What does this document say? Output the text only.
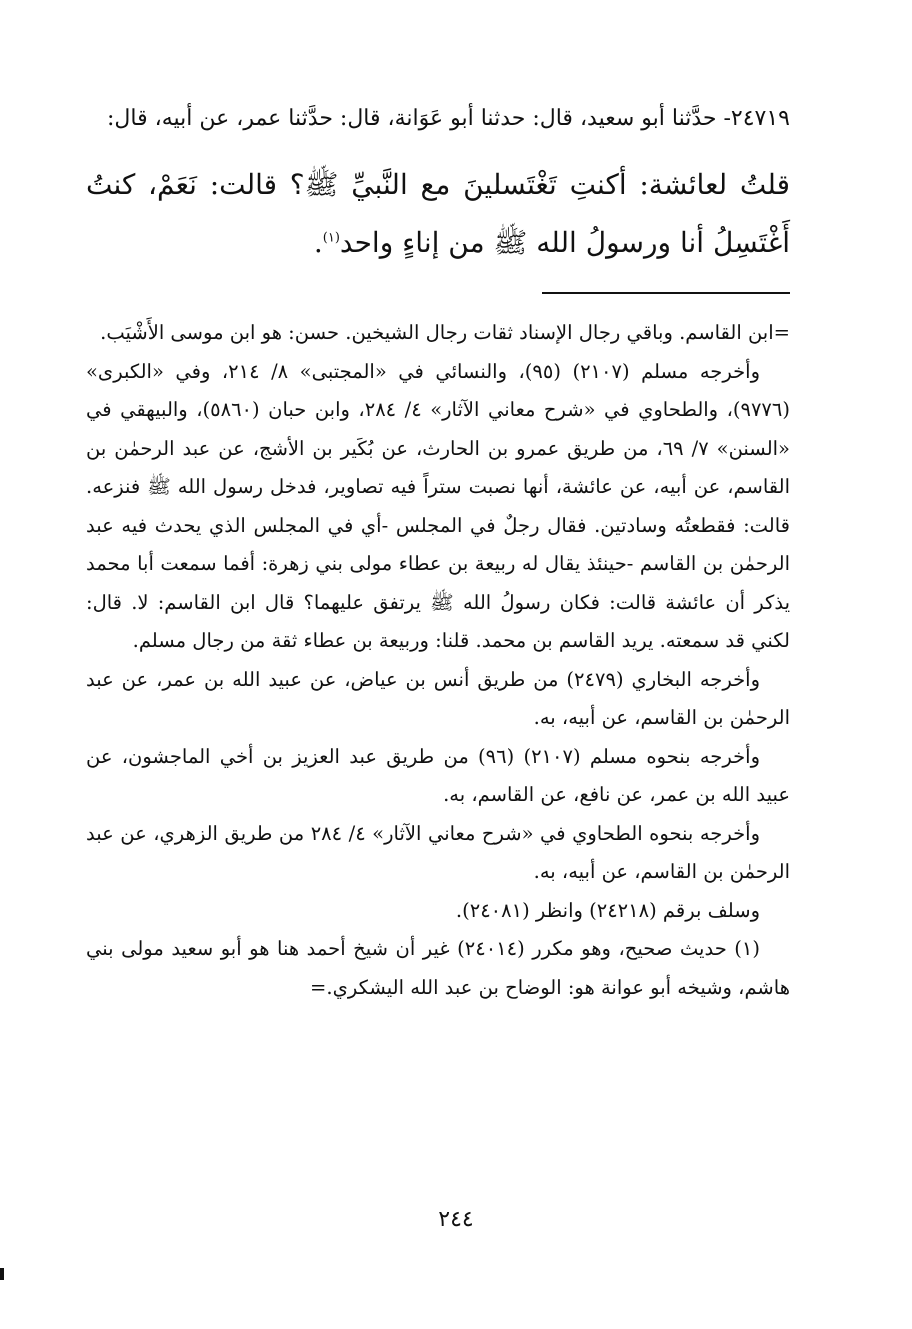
٢٤٧١٩- حدَّثنا أبو سعيد، قال: حدثنا أبو عَوَانة، قال: حدَّثنا عمر، عن أبيه، قال:

قلتُ لعائشة: أكنتِ تَغْتَسلينَ مع النَّبيِّ ﷺ؟ قالت: نَعَمْ، كنتُ أَغْتَسِلُ أنا ورسولُ الله ﷺ من إناءٍ واحد$^{(١)}$.

=ابن القاسم. وباقي رجال الإسناد ثقات رجال الشيخين. حسن: هو ابن موسى الأَشْيَب.

وأخرجه مسلم (٢١٠٧) (٩٥)، والنسائي في «المجتبى» ٨/ ٢١٤، وفي «الكبرى» (٩٧٧٦)، والطحاوي في «شرح معاني الآثار» ٤/ ٢٨٤، وابن حبان (٥٨٦٠)، والبيهقي في «السنن» ٧/ ٦٩، من طريق عمرو بن الحارث، عن بُكَير بن الأشج، عن عبد الرحمٰن بن القاسم، عن أبيه، عن عائشة، أنها نصبت ستراً فيه تصاوير، فدخل رسول الله ﷺ فنزعه. قالت: فقطعتُه وسادتين. فقال رجلٌ في المجلس -أي في المجلس الذي يحدث فيه عبد الرحمٰن بن القاسم -حينئذ يقال له ربيعة بن عطاء مولى بني زهرة: أفما سمعت أبا محمد يذكر أن عائشة قالت: فكان رسولُ الله ﷺ يرتفق عليهما؟ قال ابن القاسم: لا. قال: لكني قد سمعته. يريد القاسم بن محمد. قلنا: وربيعة بن عطاء ثقة من رجال مسلم.

وأخرجه البخاري (٢٤٧٩) من طريق أنس بن عياض، عن عبيد الله بن عمر، عن عبد الرحمٰن بن القاسم، عن أبيه، به.

وأخرجه بنحوه مسلم (٢١٠٧) (٩٦) من طريق عبد العزيز بن أخي الماجشون، عن عبيد الله بن عمر، عن نافع، عن القاسم، به.

وأخرجه بنحوه الطحاوي في «شرح معاني الآثار» ٤/ ٢٨٤ من طريق الزهري، عن عبد الرحمٰن بن القاسم، عن أبيه، به.

وسلف برقم (٢٤٢١٨) وانظر (٢٤٠٨١).

(١) حديث صحيح، وهو مكرر (٢٤٠١٤) غير أن شيخ أحمد هنا هو أبو سعيد مولى بني هاشم، وشيخه أبو عوانة هو: الوضاح بن عبد الله اليشكري.=

٢٤٤
